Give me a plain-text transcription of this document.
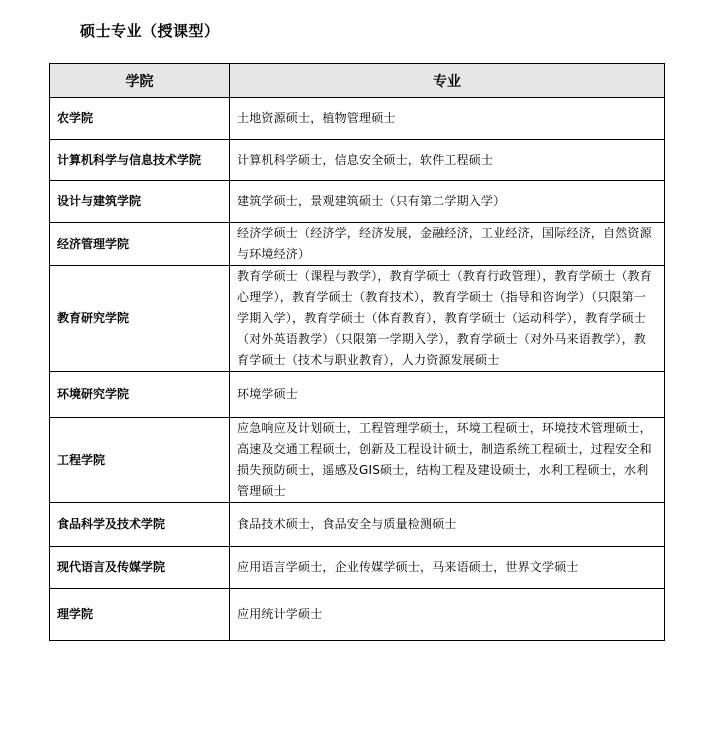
硕士专业（授课型）
学院	专业
农学院	土地资源硕士，植物管理硕士
计算机科学与信息技术学院	计算机科学硕士，信息安全硕士，软件工程硕士
设计与建筑学院	建筑学硕士，景观建筑硕士（只有第二学期入学）
经济管理学院	经济学硕士（经济学，经济发展，金融经济，工业经济，国际经济，自然资源与环境经济）
教育研究学院	教育学硕士（课程与教学），教育学硕士（教育行政管理），教育学硕士（教育心理学），教育学硕士（教育技术），教育学硕士（指导和咨询学）（只限第一学期入学），教育学硕士（体育教育），教育学硕士（运动科学），教育学硕士（对外英语教学）（只限第一学期入学），教育学硕士（对外马来语教学），教育学硕士（技术与职业教育），人力资源发展硕士
环境研究学院	环境学硕士
工程学院	应急响应及计划硕士，工程管理学硕士，环境工程硕士，环境技术管理硕士，高速及交通工程硕士，创新及工程设计硕士，制造系统工程硕士，过程安全和损失预防硕士，遥感及GIS硕士，结构工程及建设硕士，水利工程硕士，水利管理硕士
食品科学及技术学院	食品技术硕士，食品安全与质量检测硕士
现代语言及传媒学院	应用语言学硕士，企业传媒学硕士，马来语硕士，世界文学硕士
理学院	应用统计学硕士
